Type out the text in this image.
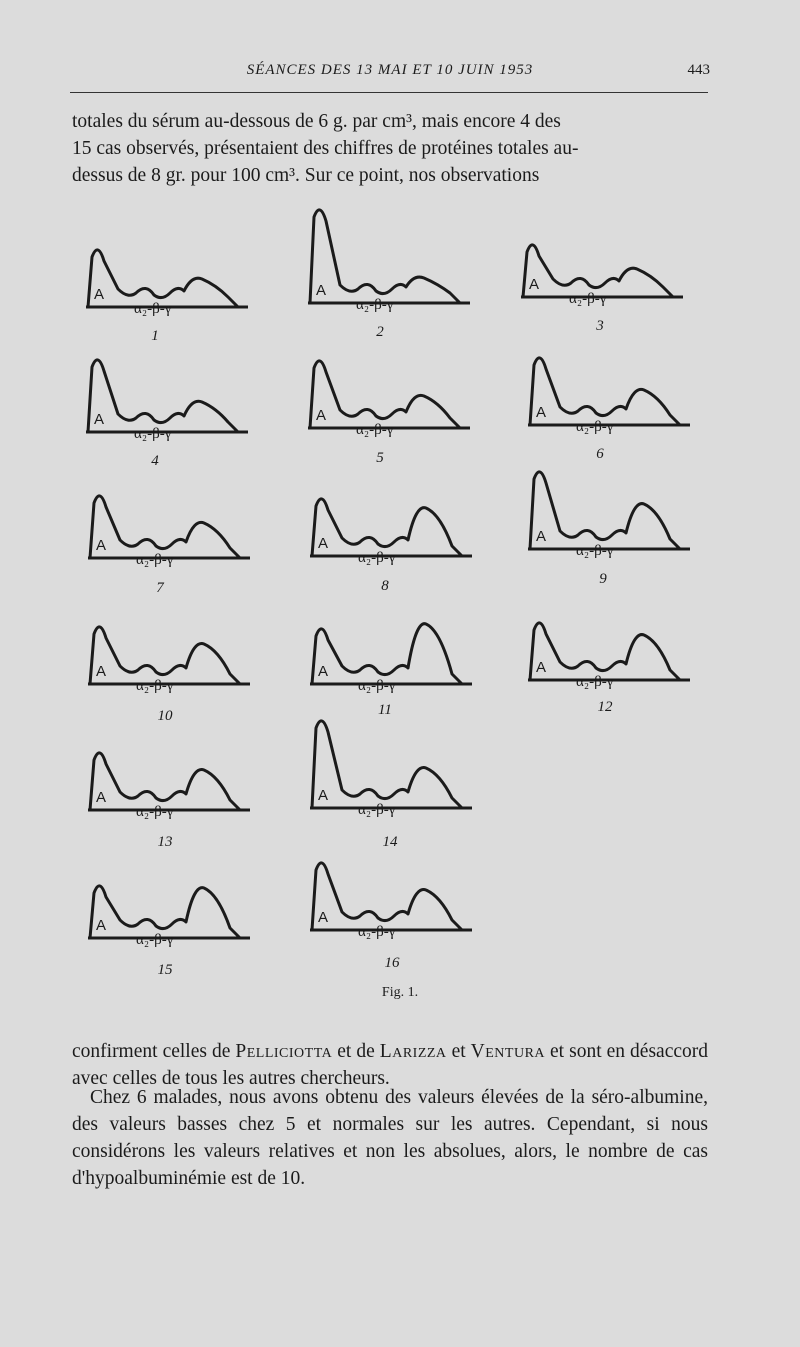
SÉANCES DES 13 MAI ET 10 JUIN 1953	443
totales du sérum au-dessous de 6 g. par cm³, mais encore 4 des
15 cas observés, présentaient des chiffres de protéines totales au-
dessus de 8 gr. pour 100 cm³. Sur ce point, nos observations
A
α₂-β-γ
1
A
α₂-β-γ
2
A
α₂-β-γ
3
A
α₂-β-γ
4
A
α₂-β-γ
5
A
α₂-β-γ
6
A
α₂-β-γ
7
A
α₂-β-γ
8
A
α₂-β-γ
9
A
α₂-β-γ
10
A
α₂-β-γ
11
A
α₂-β-γ
12
A
α₂-β-γ
13
A
α₂-β-γ
14
A
α₂-β-γ
15
A
α₂-β-γ
16
Fig. 1.
confirment celles de Pelliciotta et de Larizza et Ventura et sont en désaccord avec celles de tous les autres chercheurs.
Chez 6 malades, nous avons obtenu des valeurs élevées de la séro-albumine, des valeurs basses chez 5 et normales sur les autres. Cependant, si nous considérons les valeurs relatives et non les absolues, alors, le nombre de cas d'hypoalbuminémie est de 10.
